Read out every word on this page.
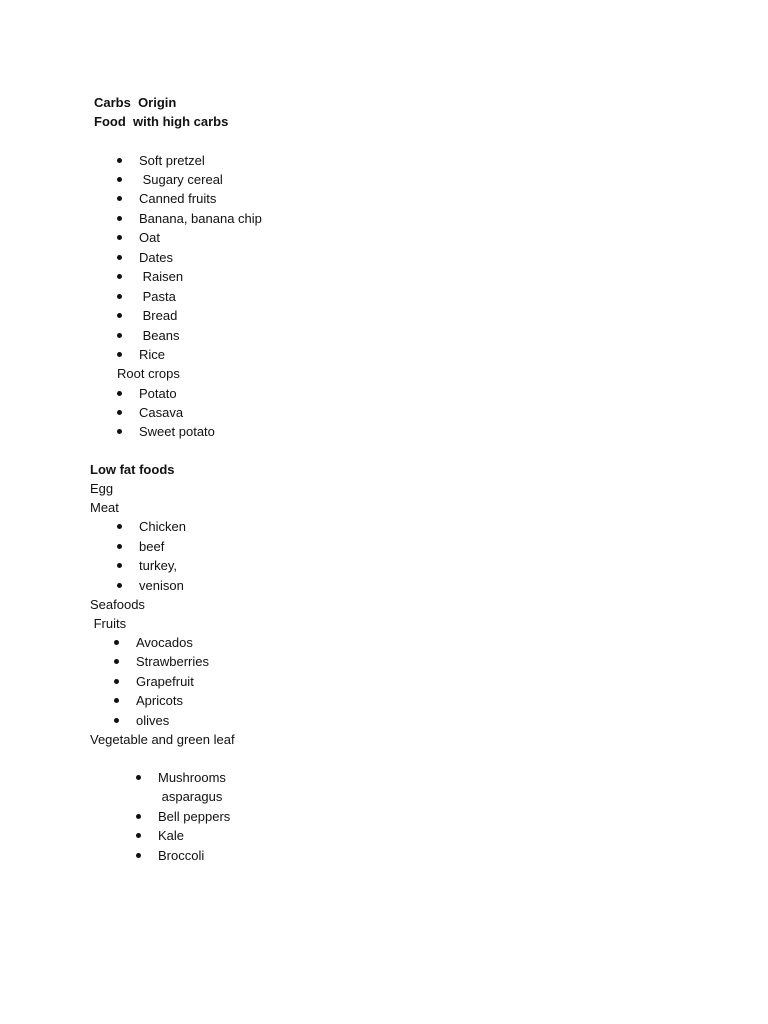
Carbs  Origin
Food  with high carbs
Soft pretzel
Sugary cereal
Canned fruits
Banana, banana chip
Oat
Dates
Raisen
Pasta
Bread
Beans
Rice
Root crops
Potato
Casava
Sweet potato
Low fat foods
Egg
Meat
Chicken
beef
turkey,
venison
Seafoods
Fruits
Avocados
Strawberries
Grapefruit
Apricots
olives
Vegetable and green leaf
Mushrooms
asparagus
Bell peppers
Kale
Broccoli
